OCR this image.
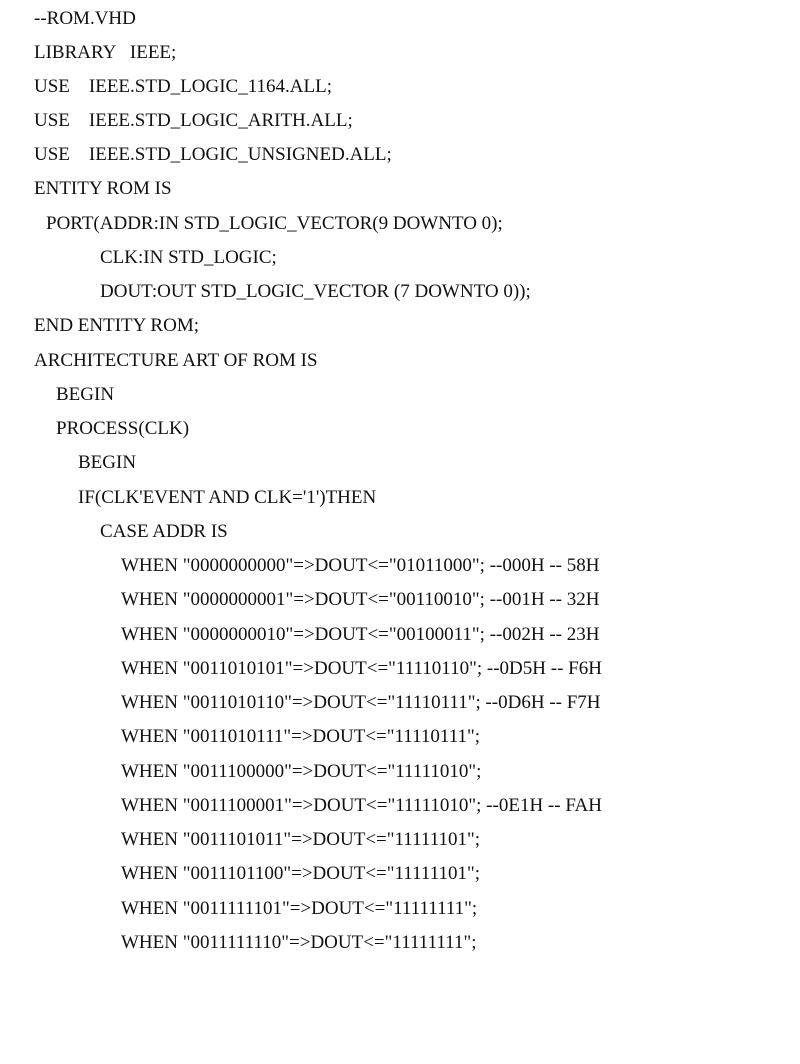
--ROM.VHD
LIBRARY   IEEE;
USE    IEEE.STD_LOGIC_1164.ALL;
USE    IEEE.STD_LOGIC_ARITH.ALL;
USE    IEEE.STD_LOGIC_UNSIGNED.ALL;
ENTITY ROM IS
PORT(ADDR:IN STD_LOGIC_VECTOR(9 DOWNTO 0);
CLK:IN STD_LOGIC;
DOUT:OUT STD_LOGIC_VECTOR (7 DOWNTO 0));
END ENTITY ROM;
ARCHITECTURE ART OF ROM IS
BEGIN
PROCESS(CLK)
BEGIN
IF(CLK'EVENT AND CLK='1')THEN
CASE ADDR IS
WHEN "0000000000"=>DOUT<="01011000"; --000H -- 58H
WHEN "0000000001"=>DOUT<="00110010"; --001H -- 32H
WHEN "0000000010"=>DOUT<="00100011"; --002H -- 23H
WHEN "0011010101"=>DOUT<="11110110"; --0D5H -- F6H
WHEN "0011010110"=>DOUT<="11110111"; --0D6H -- F7H
WHEN "0011010111"=>DOUT<="11110111";
WHEN "0011100000"=>DOUT<="11111010";
WHEN "0011100001"=>DOUT<="11111010"; --0E1H -- FAH
WHEN "0011101011"=>DOUT<="11111101";
WHEN "0011101100"=>DOUT<="11111101";
WHEN "0011111101"=>DOUT<="11111111";
WHEN "0011111110"=>DOUT<="11111111";
